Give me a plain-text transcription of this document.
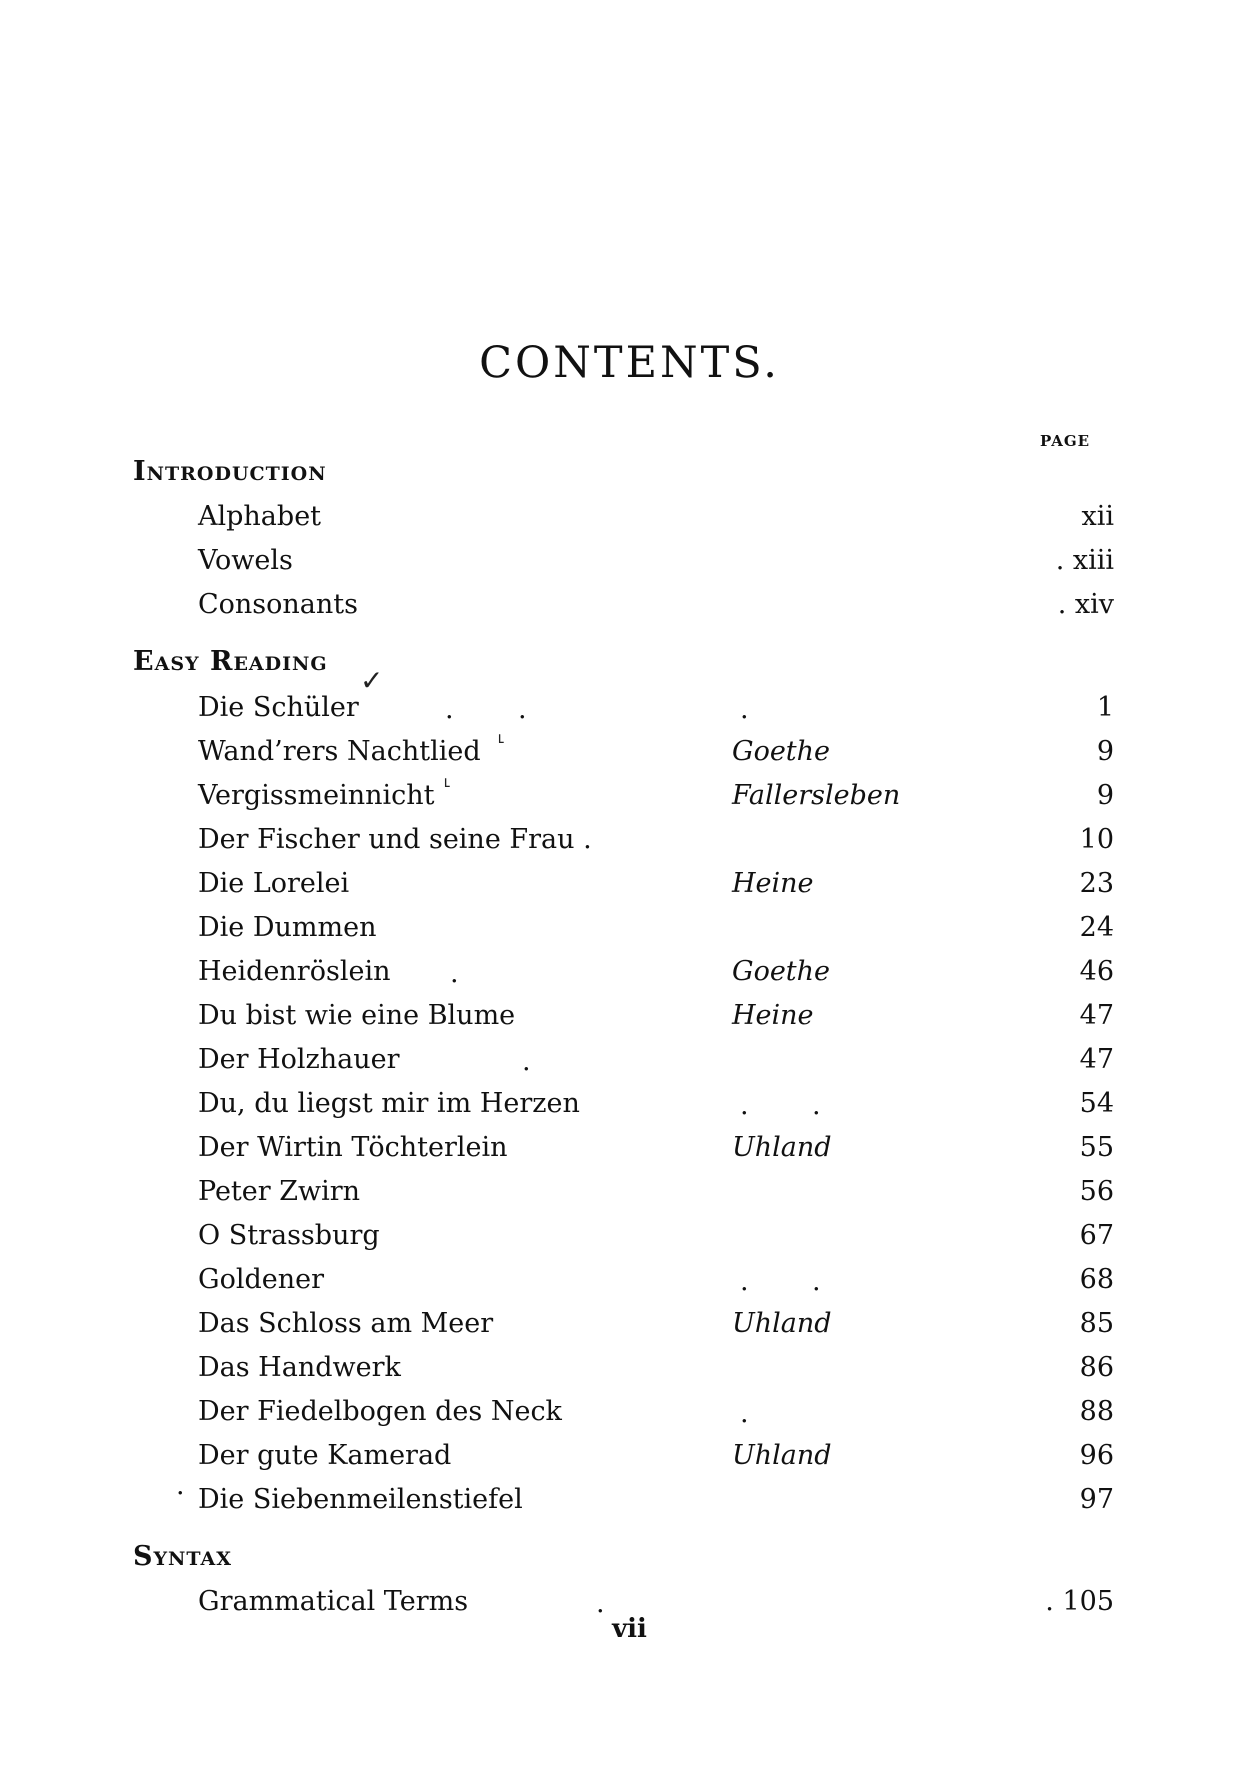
CONTENTS.
PAGE
Introduction
Alphabet	xii
Vowels	. xiii
Consonants	. xiv
Easy Reading
Die Schüler	1
Wand’rers Nachtlied	Goethe	9
Vergissmeinnicht	Fallersleben	9
Der Fischer und seine Frau .	10
Die Lorelei	Heine	23
Die Dummen	24
Heidenröslein	Goethe	46
Du bist wie eine Blume	Heine	47
Der Holzhauer	47
Du, du liegst mir im Herzen	54
Der Wirtin Töchterlein	Uhland	55
Peter Zwirn	56
O Strassburg	67
Goldener	68
Das Schloss am Meer	Uhland	85
Das Handwerk	86
Der Fiedelbogen des Neck	88
Der gute Kamerad	Uhland	96
Die Siebenmeilenstiefel	97
Syntax
Grammatical Terms	. 105
. .	.
.
.
. .
. .
.
.
·
✓
˪
˪
vii
